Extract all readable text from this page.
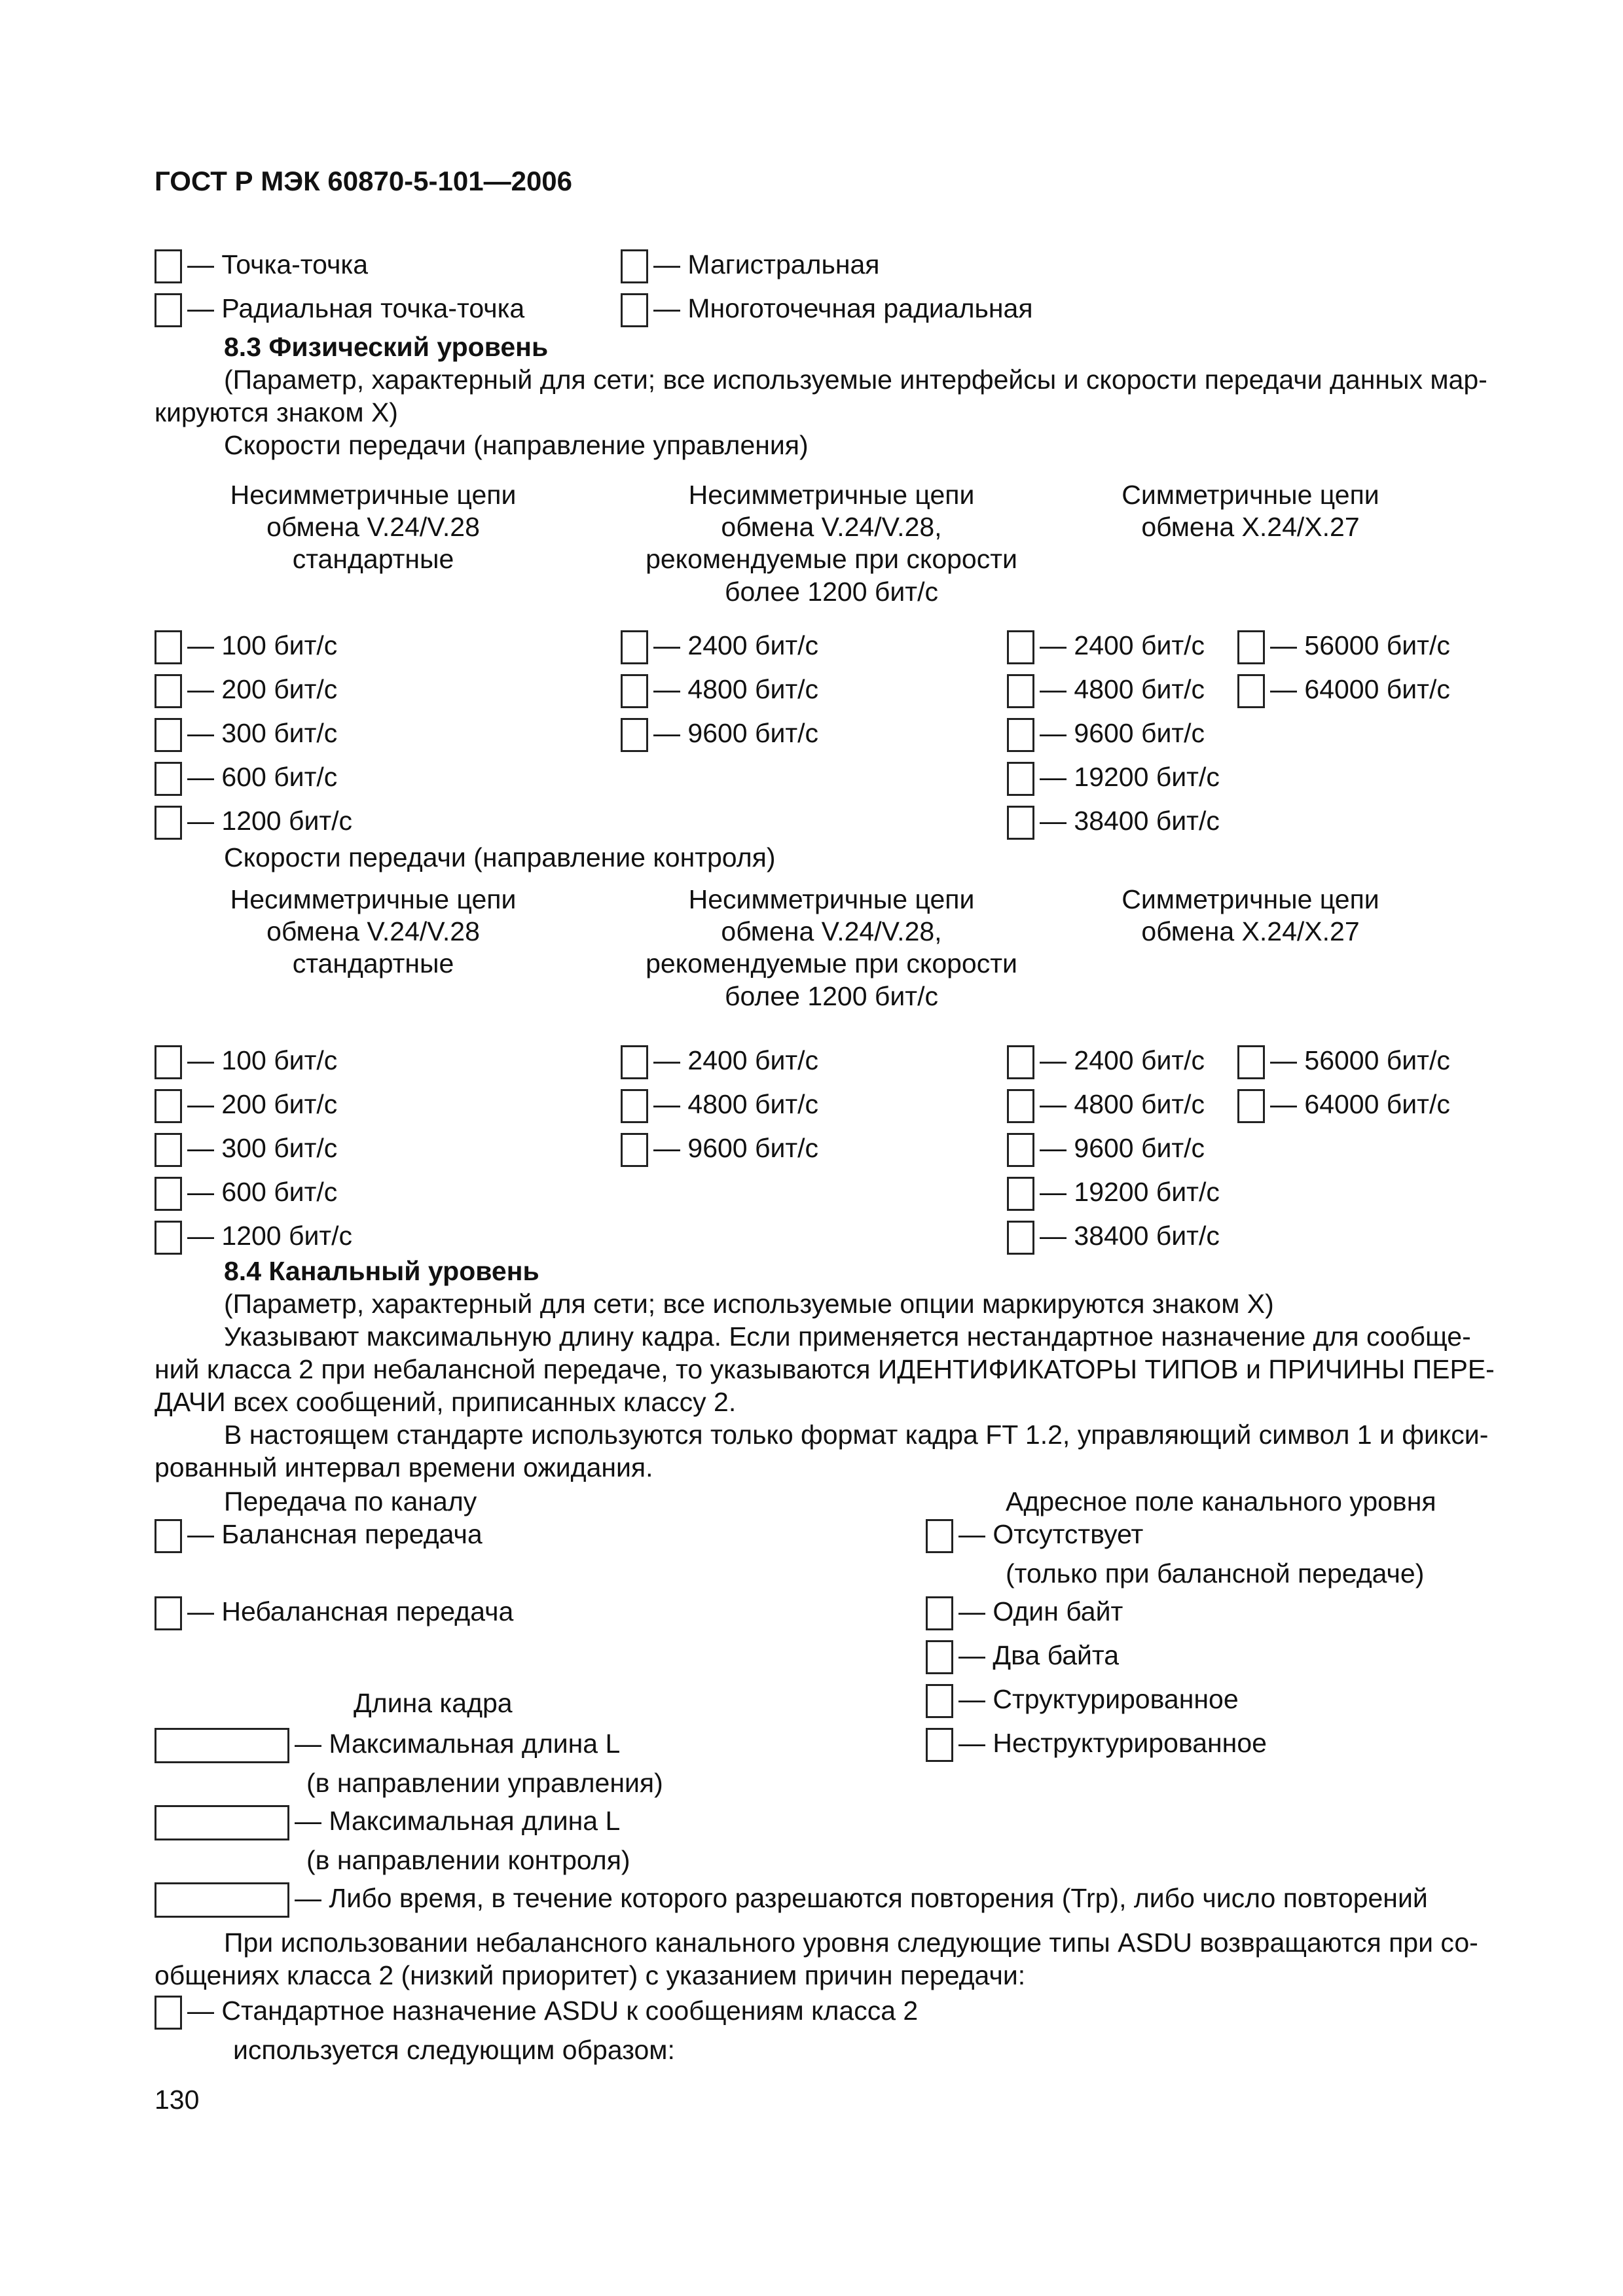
ГОСТ Р МЭК 60870-5-101—2006
— Точка-точка
— Радиальная точка-точка
— Магистральная
— Многоточечная радиальная
8.3 Физический уровень
(Параметр, характерный для сети; все используемые интерфейсы и скорости передачи данных мар-
кируются знаком X)
Скорости передачи (направление управления)
Несимметричные цепи
обмена V.24/V.28
стандартные
Несимметричные цепи
обмена V.24/V.28,
рекомендуемые при скорости
более 1200 бит/с
Симметричные цепи
обмена X.24/X.27
— 100 бит/с
— 200 бит/с
— 300 бит/с
— 600 бит/с
— 1200 бит/с
— 2400 бит/с
— 4800 бит/с
— 9600 бит/с
— 2400 бит/с
— 4800 бит/с
— 9600 бит/с
— 19200 бит/с
— 38400 бит/с
— 56000 бит/с
— 64000 бит/с
Скорости передачи (направление контроля)
Несимметричные цепи
обмена V.24/V.28
стандартные
Несимметричные цепи
обмена V.24/V.28,
рекомендуемые при скорости
более 1200 бит/с
Симметричные цепи
обмена X.24/X.27
— 100 бит/с
— 200 бит/с
— 300 бит/с
— 600 бит/с
— 1200 бит/с
— 2400 бит/с
— 4800 бит/с
— 9600 бит/с
— 2400 бит/с
— 4800 бит/с
— 9600 бит/с
— 19200 бит/с
— 38400 бит/с
— 56000 бит/с
— 64000 бит/с
8.4 Канальный уровень
(Параметр, характерный для сети; все используемые опции маркируются знаком X)
Указывают максимальную длину кадра. Если применяется нестандартное назначение для сообще-
ний класса 2 при небалансной передаче, то указываются ИДЕНТИФИКАТОРЫ ТИПОВ и ПРИЧИНЫ ПЕРЕ-
ДАЧИ всех сообщений, приписанных классу 2.
В настоящем стандарте используются только формат кадра FT 1.2, управляющий символ 1 и фикси-
рованный интервал времени ожидания.
Передача по каналу	Адресное поле канального уровня
— Балансная передача
— Небалансная передача
— Отсутствует
(только при балансной передаче)
— Один байт
— Два байта
— Структурированное
— Неструктурированное
Длина кадра
— Максимальная длина L
(в направлении управления)
— Максимальная длина L
(в направлении контроля)
— Либо время, в течение которого разрешаются повторения (Trp), либо число повторений
При использовании небалансного канального уровня следующие типы ASDU возвращаются при со-
общениях класса 2 (низкий приоритет) с указанием причин передачи:
— Стандартное назначение ASDU к сообщениям класса 2
используется следующим образом:
130
